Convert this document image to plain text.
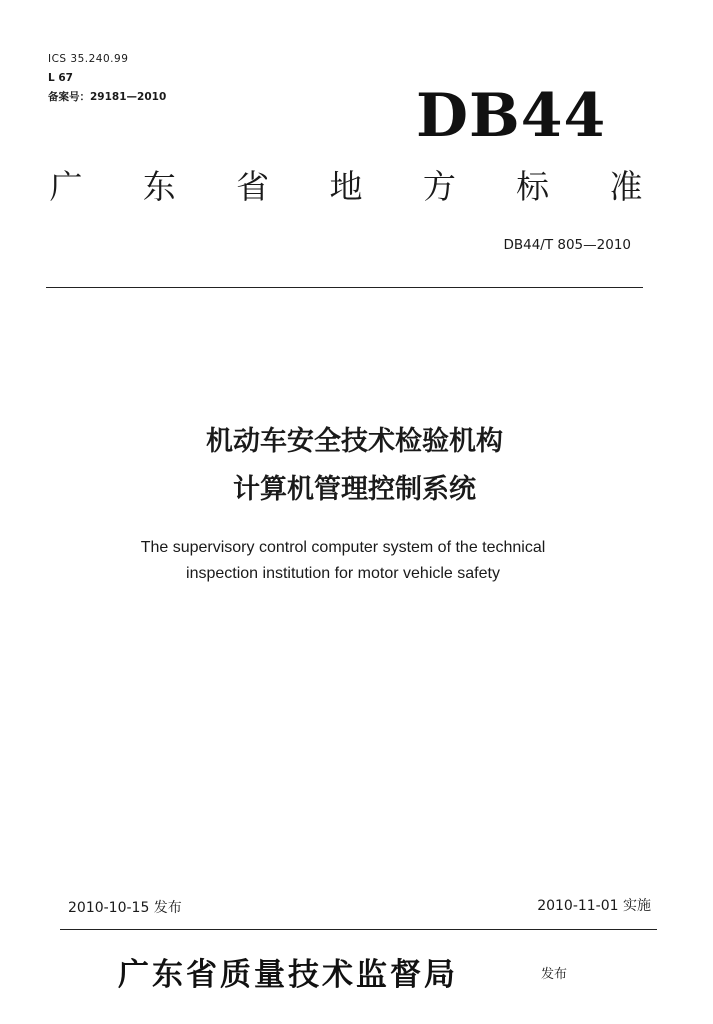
ICS 35.240.99
L 67
备案号：29181—2010	DB44
广 东 省 地 方 标 准
DB44/T 805—2010
机动车安全技术检验机构
计算机管理控制系统
The supervisory control computer system of the technical
inspection institution for motor vehicle safety
2010-10-15 发布	2010-11-01 实施
广东省质量技术监督局	发布
